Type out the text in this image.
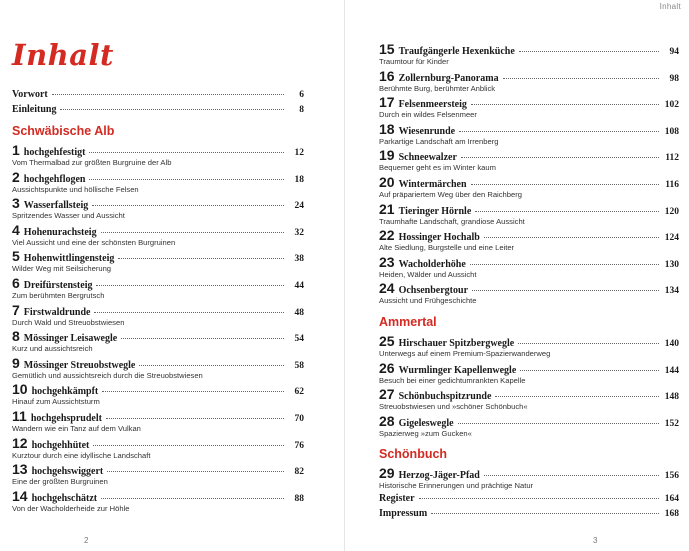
Inhalt
Vorwort	6
Einleitung	8
Schwäbische Alb
1 hochgehfestigt	12
Vom Thermalbad zur größten Burgruine der Alb
2 hochgehflogen	18
Aussichtspunkte und höllische Felsen
3 Wasserfallsteig	24
Spritzendes Wasser und Aussicht
4 Hohenurachsteig	32
Viel Aussicht und eine der schönsten Burgruinen
5 Hohenwittlingensteig	38
Wilder Weg mit Seilsicherung
6 Dreifürstensteig	44
Zum berühmten Bergrutsch
7 Firstwaldrunde	48
Durch Wald und Streuobstwiesen
8 Mössinger Leisawegle	54
Kurz und aussichtsreich
9 Mössinger Streuobstwegle	58
Gemütlich und aussichtsreich durch die Streuobstwiesen
10 hochgehkämpft	62
Hinauf zum Aussichtsturm
11 hochgehsprudelt	70
Wandern wie ein Tanz auf dem Vulkan
12 hochgehhütet	76
Kurztour durch eine idyllische Landschaft
13 hochgehswiggert	82
Eine der größten Burgruinen
14 hochgehschätzt	88
Von der Wacholderheide zur Höhle
2
Inhalt
15 Traufgängerle Hexenküche	94
Traumtour für Kinder
16 Zollernburg-Panorama	98
Berühmte Burg, berühmter Anblick
17 Felsenmeersteig	102
Durch ein wildes Felsenmeer
18 Wiesenrunde	108
Parkartige Landschaft am Irrenberg
19 Schneewalzer	112
Bequemer geht es im Winter kaum
20 Wintermärchen	116
Auf präpariertem Weg über den Raichberg
21 Tieringer Hörnle	120
Traumhafte Landschaft, grandiose Aussicht
22 Hossinger Hochalb	124
Alte Siedlung, Burgstelle und eine Leiter
23 Wacholderhöhe	130
Heiden, Wälder und Aussicht
24 Ochsenbergtour	134
Aussicht und Frühgeschichte
Ammertal
25 Hirschauer Spitzbergwegle	140
Unterwegs auf einem Premium-Spazierwanderweg
26 Wurmlinger Kapellenwegle	144
Besuch bei einer gedichtumrankten Kapelle
27 Schönbuchspitzrunde	148
Streuobstwiesen und »schöner Schönbuch«
28 Gigeleswegle	152
Spazierweg »zum Gucken«
Schönbuch
29 Herzog-Jäger-Pfad	156
Historische Erinnerungen und prächtige Natur
Register	164
Impressum	168
3
